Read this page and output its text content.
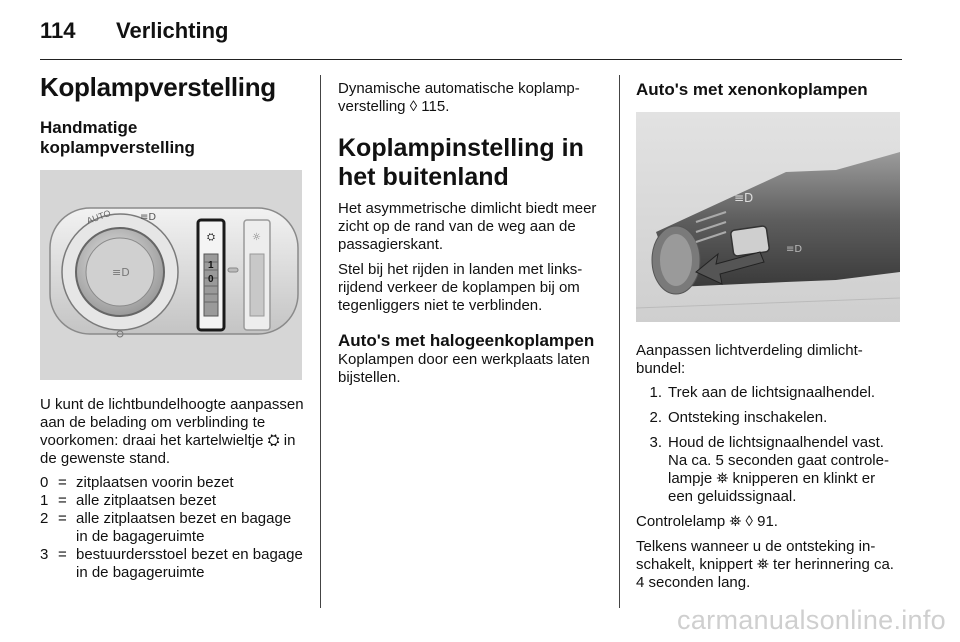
114 Verlichting
Koplampverstelling
Handmatige koplampverstelling
≡D
AUTO	≡D
⛭
1
0
☼

U kunt de lichtbundelhoogte aanpassen aan de belading om verblinding te voorkomen: draai het kartelwieltje ⛭ in de gewenste stand.

0 = zitplaatsen voorin bezet
1 = alle zitplaatsen bezet
2 = alle zitplaatsen bezet en bagage in de bagageruimte
3 = bestuurdersstoel bezet en bagage in de bagageruimte

Dynamische automatische koplampverstelling ◊ 115.

Koplampinstelling in het buitenland

Het asymmetrische dimlicht biedt meer zicht op de rand van de weg aan de passagierskant.

Stel bij het rijden in landen met linksrijdend verkeer de koplampen bij om tegenliggers niet te verblinden.

Auto's met halogeenkoplampen

Koplampen door een werkplaats laten bijstellen.

Auto's met xenonkoplampen
≡D
≡D

Aanpassen lichtverdeling dimlichtbundel:

1. Trek aan de lichtsignaalhendel.
2. Ontsteking inschakelen.
3. Houd de lichtsignaalhendel vast. Na ca. 5 seconden gaat controlelampje ⛯ knipperen en klinkt er een geluidssignaal.

Controlelamp ⛯ ◊ 91.

Telkens wanneer u de ontsteking inschakelt, knippert ⛯ ter herinnering ca. 4 seconden lang.

carmanualsonline.info
